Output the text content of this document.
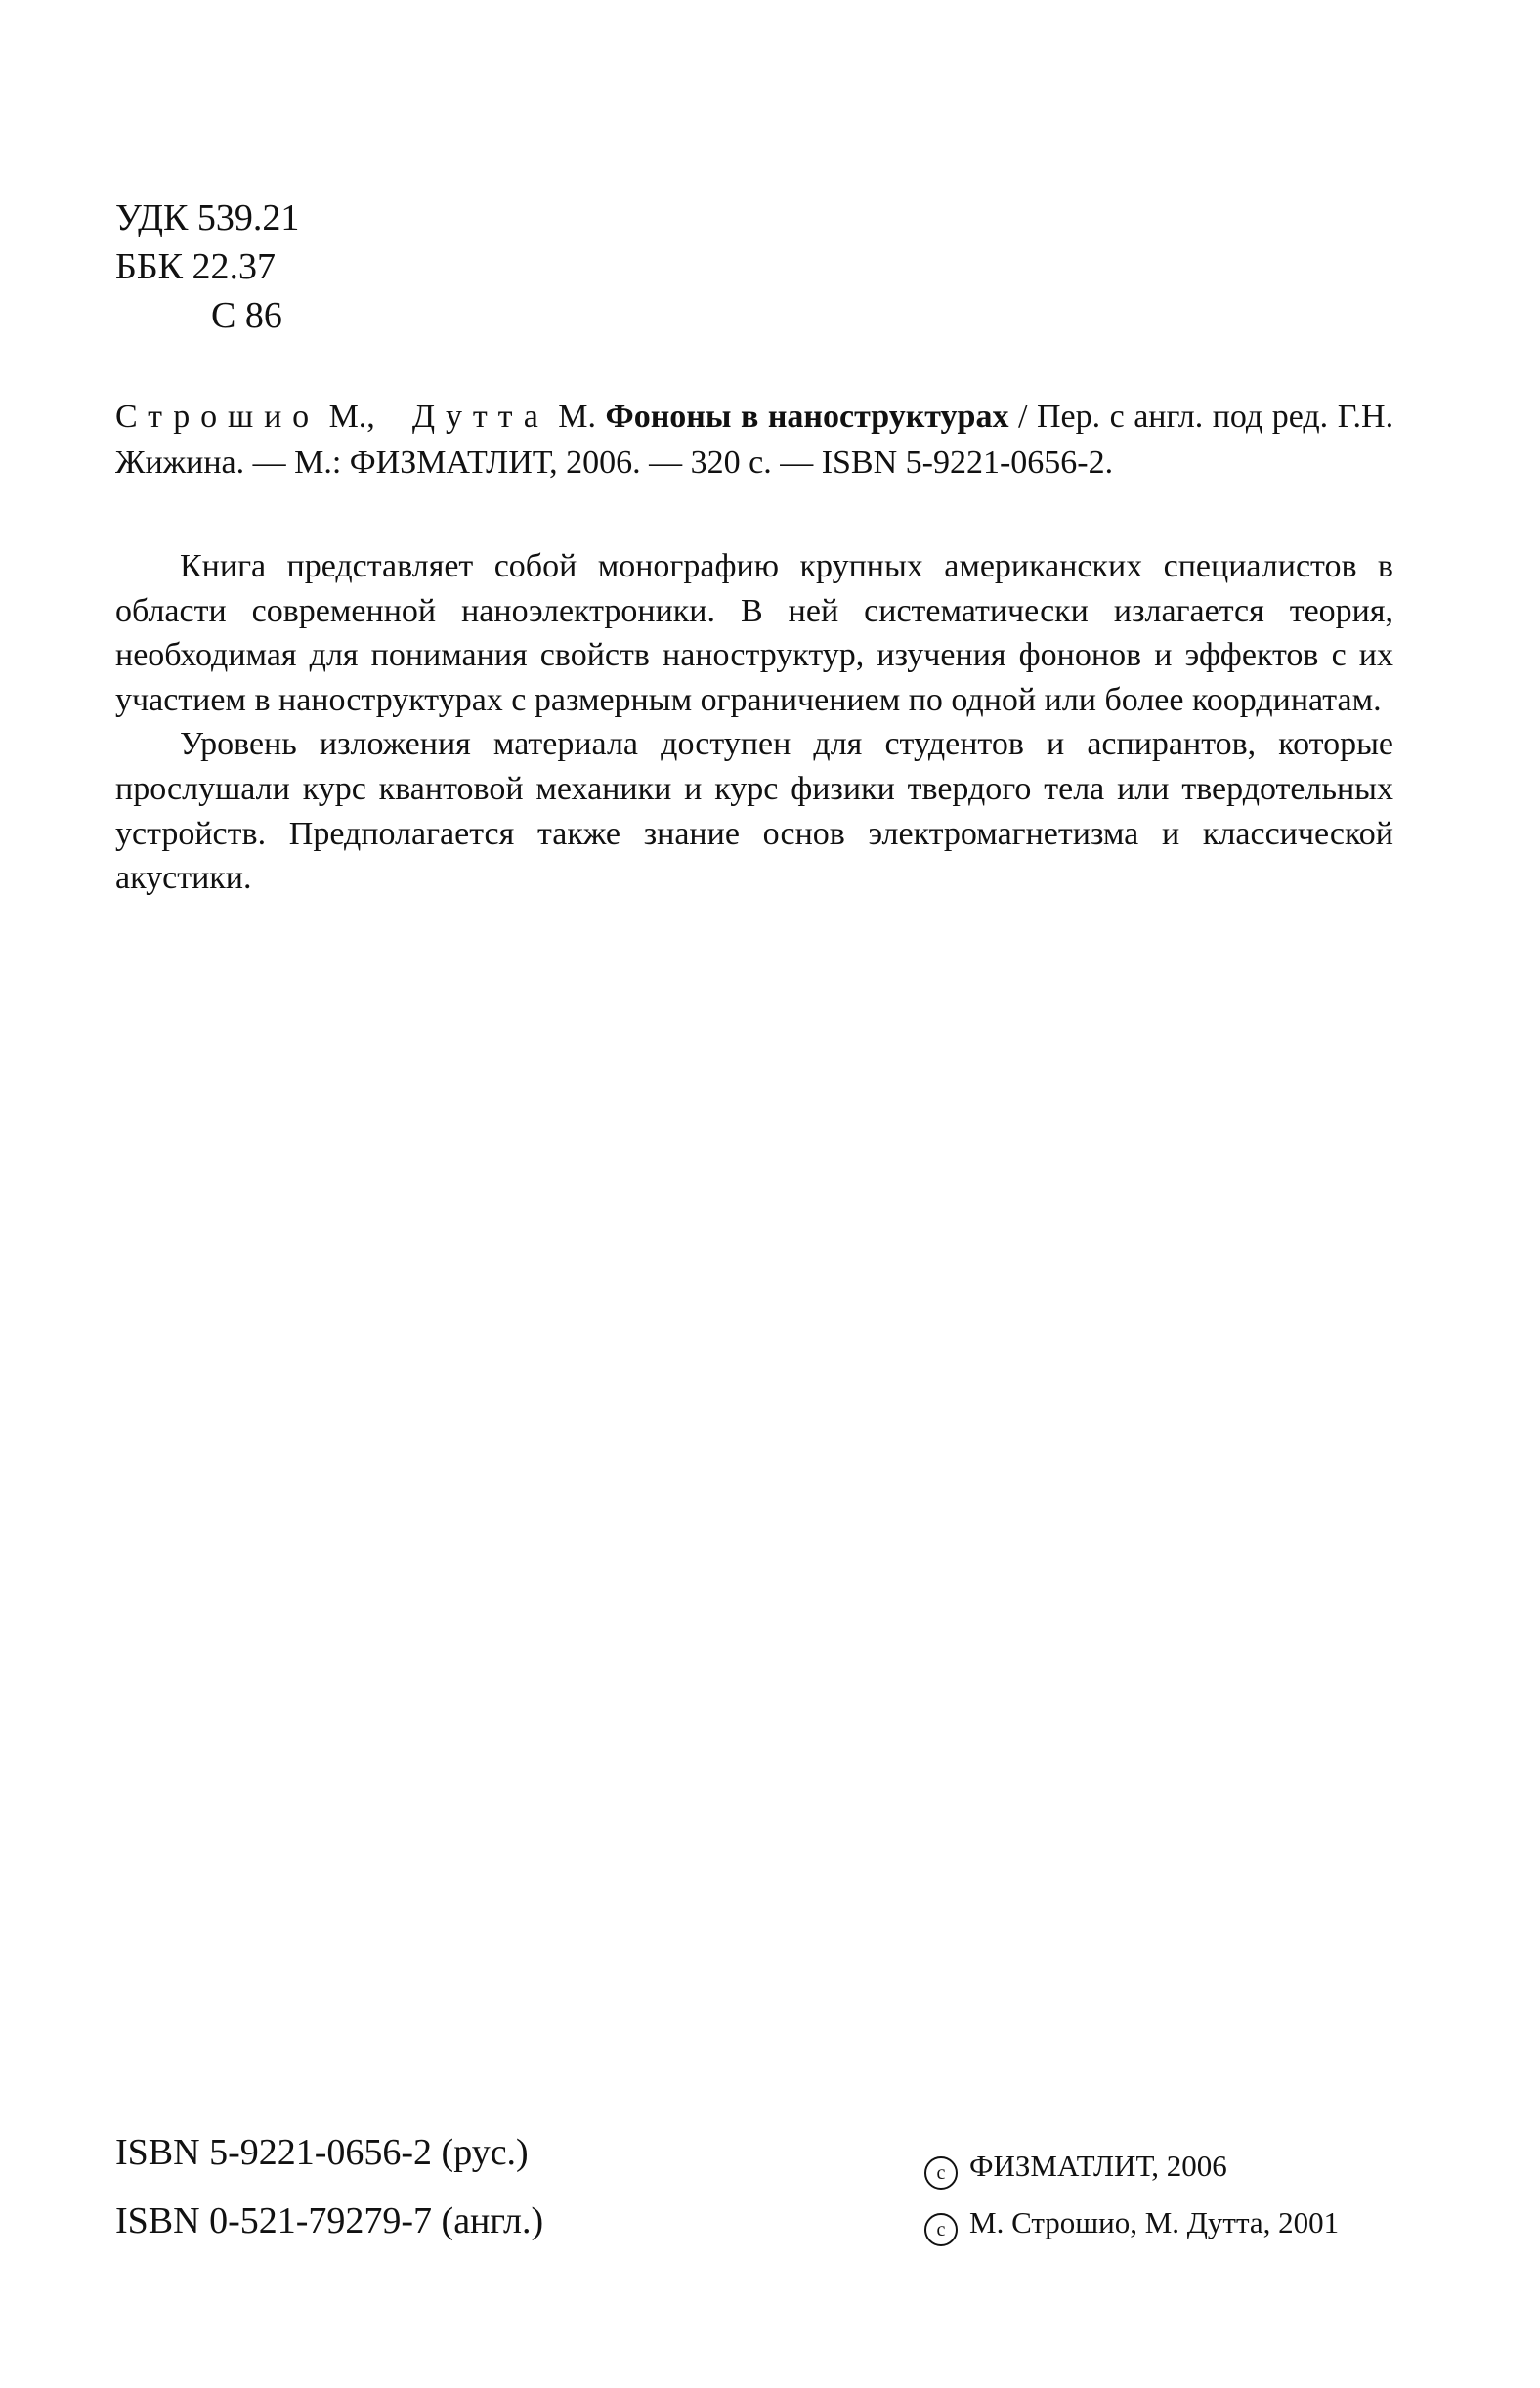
УДК 539.21
ББК 22.37
С 86
Строшио М., Дутта М. Фононы в наноструктурах / Пер. с англ. под ред. Г.Н. Жижина. — М.: ФИЗМАТЛИТ, 2006. — 320 с. — ISBN 5-9221-0656-2.

Книга представляет собой монографию крупных американских специалистов в области современной наноэлектроники. В ней систематически излагается теория, необходимая для понимания свойств наноструктур, изучения фононов и эффектов с их участием в наноструктурах с размерным ограничением по одной или более координатам.

Уровень изложения материала доступен для студентов и аспирантов, которые прослушали курс квантовой механики и курс физики твердого тела или твердотельных устройств. Предполагается также знание основ электромагнетизма и классической акустики.

ISBN 5-9221-0656-2 (рус.)
ISBN 0-521-79279-7 (англ.)
c ФИЗМАТЛИТ, 2006
c М. Строшио, М. Дутта, 2001
